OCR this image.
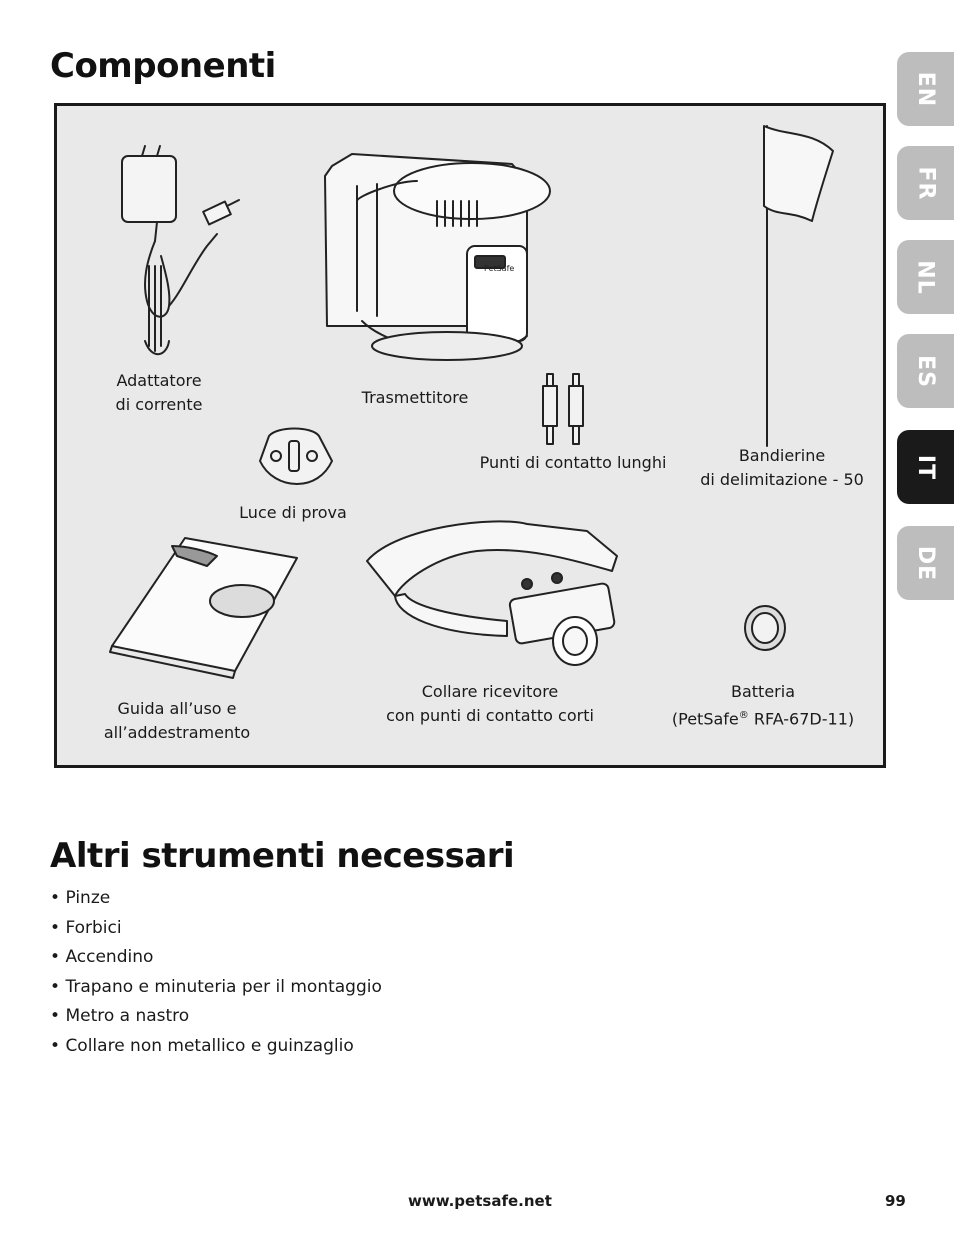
Componenti
PetSafe
Adattatore
di corrente	Trasmettitore
Punti di contatto lunghi	Bandierine
di delimitazione - 50
Luce di prova
Guida all’uso e
all’addestramento
Collare ricevitore
con punti di contatto corti
Batteria
(PetSafe® RFA-67D-11)
EN
FR
NL
ES
IT
DE
Altri strumenti necessari
• Pinze
• Forbici
• Accendino
• Trapano e minuteria per il montaggio
• Metro a nastro
• Collare non metallico e guinzaglio
www.petsafe.net	99
